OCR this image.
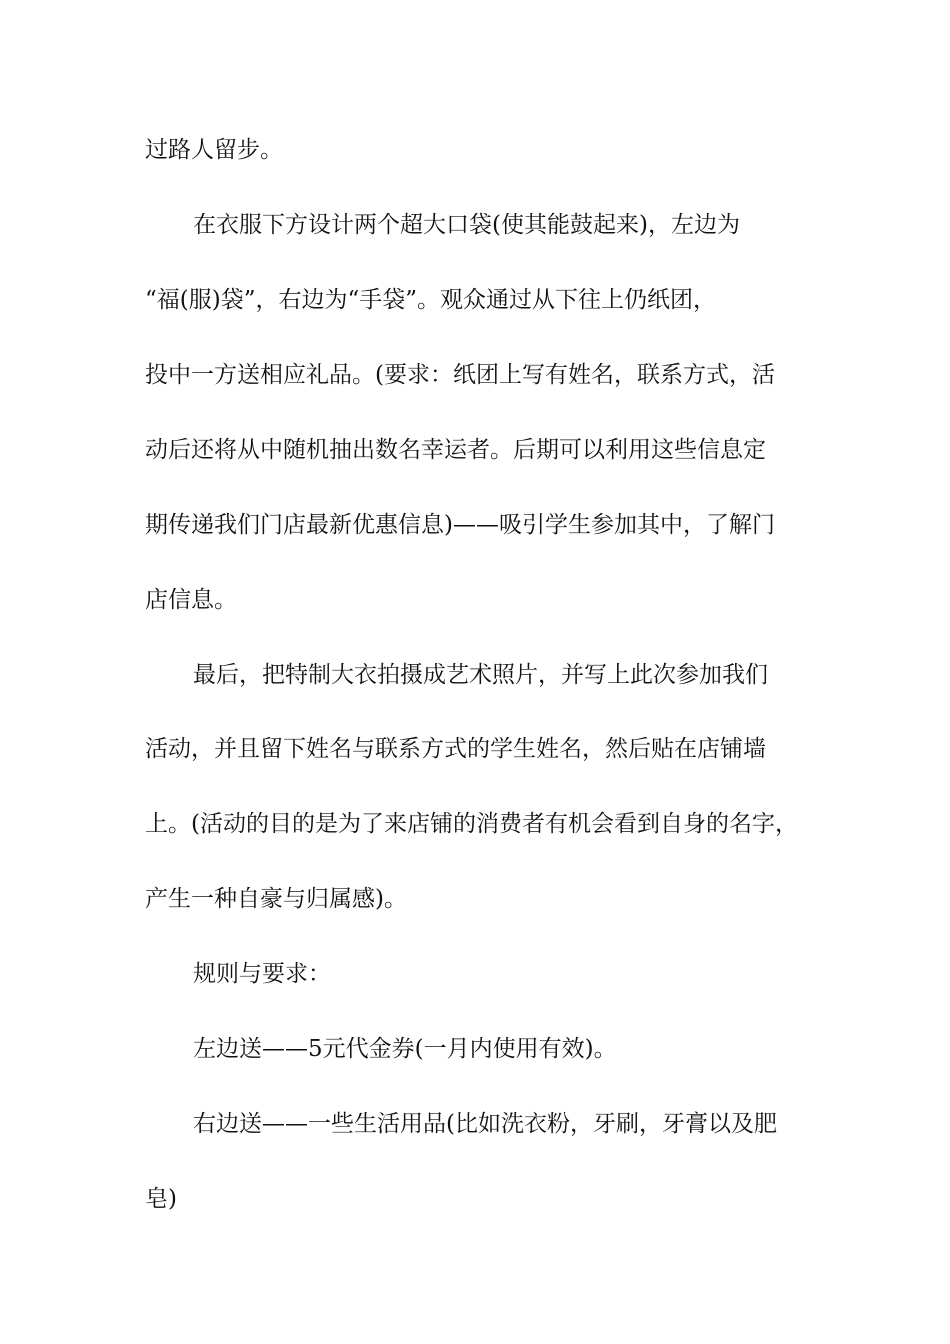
过路人留步。
在衣服下方设计两个超大口袋(使其能鼓起来)，左边为
“福(服)袋”，右边为“手袋”。观众通过从下往上仍纸团，
投中一方送相应礼品。(要求：纸团上写有姓名，联系方式，活
动后还将从中随机抽出数名幸运者。后期可以利用这些信息定
期传递我们门店最新优惠信息)——吸引学生参加其中，了解门
店信息。
最后，把特制大衣拍摄成艺术照片，并写上此次参加我们
活动，并且留下姓名与联系方式的学生姓名，然后贴在店铺墙
上。(活动的目的是为了来店铺的消费者有机会看到自身的名字，
产生一种自豪与归属感)。
规则与要求：
左边送——5元代金券(一月内使用有效)。
右边送——一些生活用品(比如洗衣粉，牙刷，牙膏以及肥
皂)
